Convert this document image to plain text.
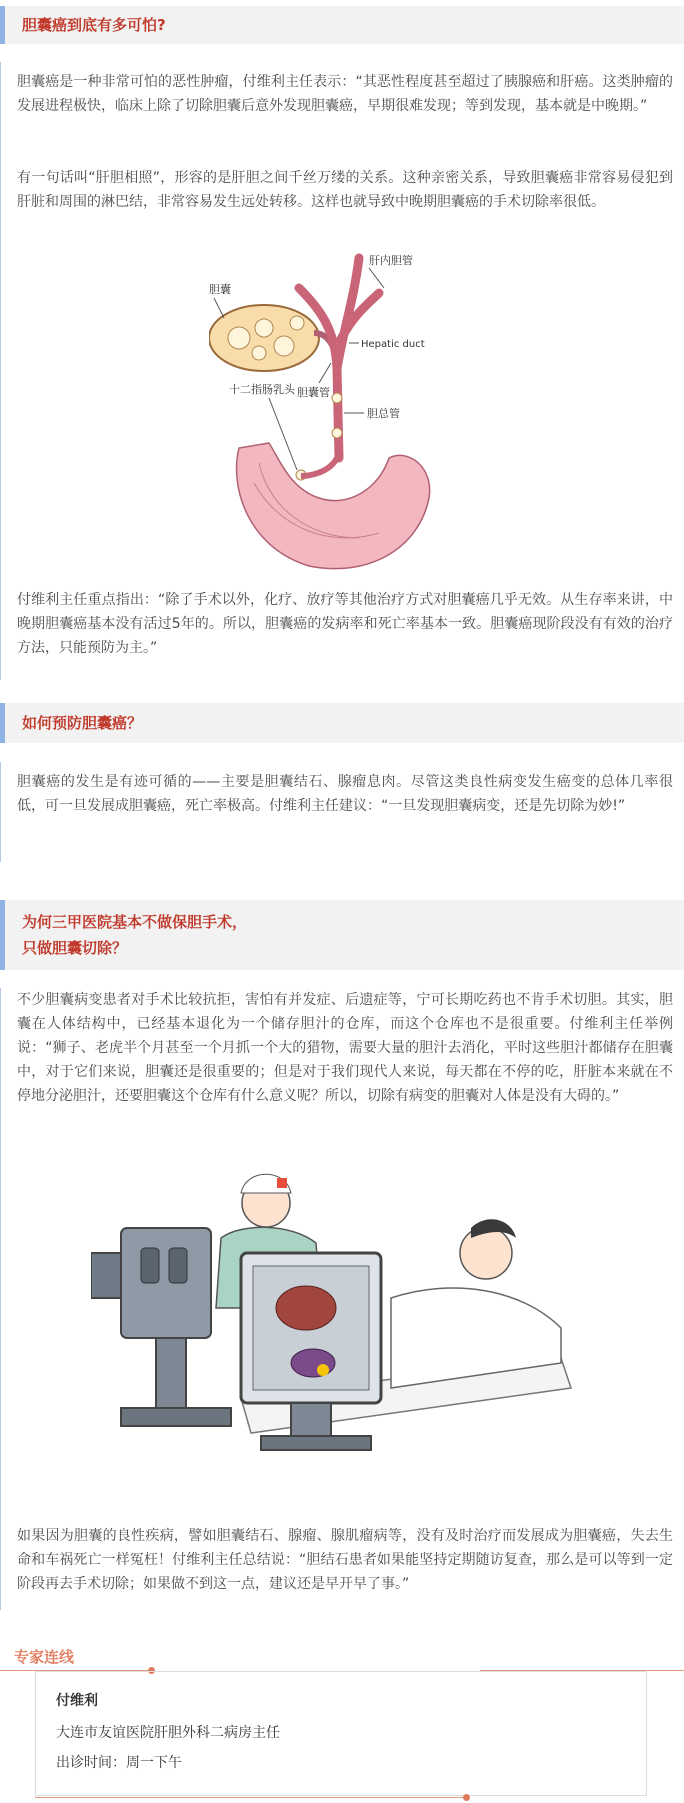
胆囊癌到底有多可怕?
胆囊癌是一种非常可怕的恶性肿瘤，付维利主任表示：“其恶性程度甚至超过了胰腺癌和肝癌。这类肿瘤的发展进程极快，临床上除了切除胆囊后意外发现胆囊癌，早期很难发现；等到发现，基本就是中晚期。”
有一句话叫“肝胆相照”，形容的是肝胆之间千丝万缕的关系。这种亲密关系，导致胆囊癌非常容易侵犯到肝脏和周围的淋巴结，非常容易发生远处转移。这样也就导致中晚期胆囊癌的手术切除率很低。
胆囊
肝内胆管
Hepatic duct
胆囊管
十二指肠乳头
胆总管
付维利主任重点指出：“除了手术以外，化疗、放疗等其他治疗方式对胆囊癌几乎无效。从生存率来讲，中晚期胆囊癌基本没有活过5年的。所以，胆囊癌的发病率和死亡率基本一致。胆囊癌现阶段没有有效的治疗方法，只能预防为主。”
如何预防胆囊癌？
胆囊癌的发生是有迹可循的——主要是胆囊结石、腺瘤息肉。尽管这类良性病变发生癌变的总体几率很低，可一旦发展成胆囊癌，死亡率极高。付维利主任建议：“一旦发现胆囊病变，还是先切除为妙!”
为何三甲医院基本不做保胆手术，
只做胆囊切除？
不少胆囊病变患者对手术比较抗拒，害怕有并发症、后遗症等，宁可长期吃药也不肯手术切胆。其实，胆囊在人体结构中，已经基本退化为一个储存胆汁的仓库，而这个仓库也不是很重要。付维利主任举例说：“狮子、老虎半个月甚至一个月抓一个大的猎物，需要大量的胆汁去消化，平时这些胆汁都储存在胆囊中，对于它们来说，胆囊还是很重要的；但是对于我们现代人来说，每天都在不停的吃，肝脏本来就在不停地分泌胆汁，还要胆囊这个仓库有什么意义呢？所以，切除有病变的胆囊对人体是没有大碍的。”
如果因为胆囊的良性疾病，譬如胆囊结石、腺瘤、腺肌瘤病等，没有及时治疗而发展成为胆囊癌，失去生命和车祸死亡一样冤枉！付维利主任总结说：“胆结石患者如果能坚持定期随访复查，那么是可以等到一定阶段再去手术切除；如果做不到这一点，建议还是早开早了事。”
专家连线
付维利
大连市友谊医院肝胆外科二病房主任
出诊时间：周一下午
